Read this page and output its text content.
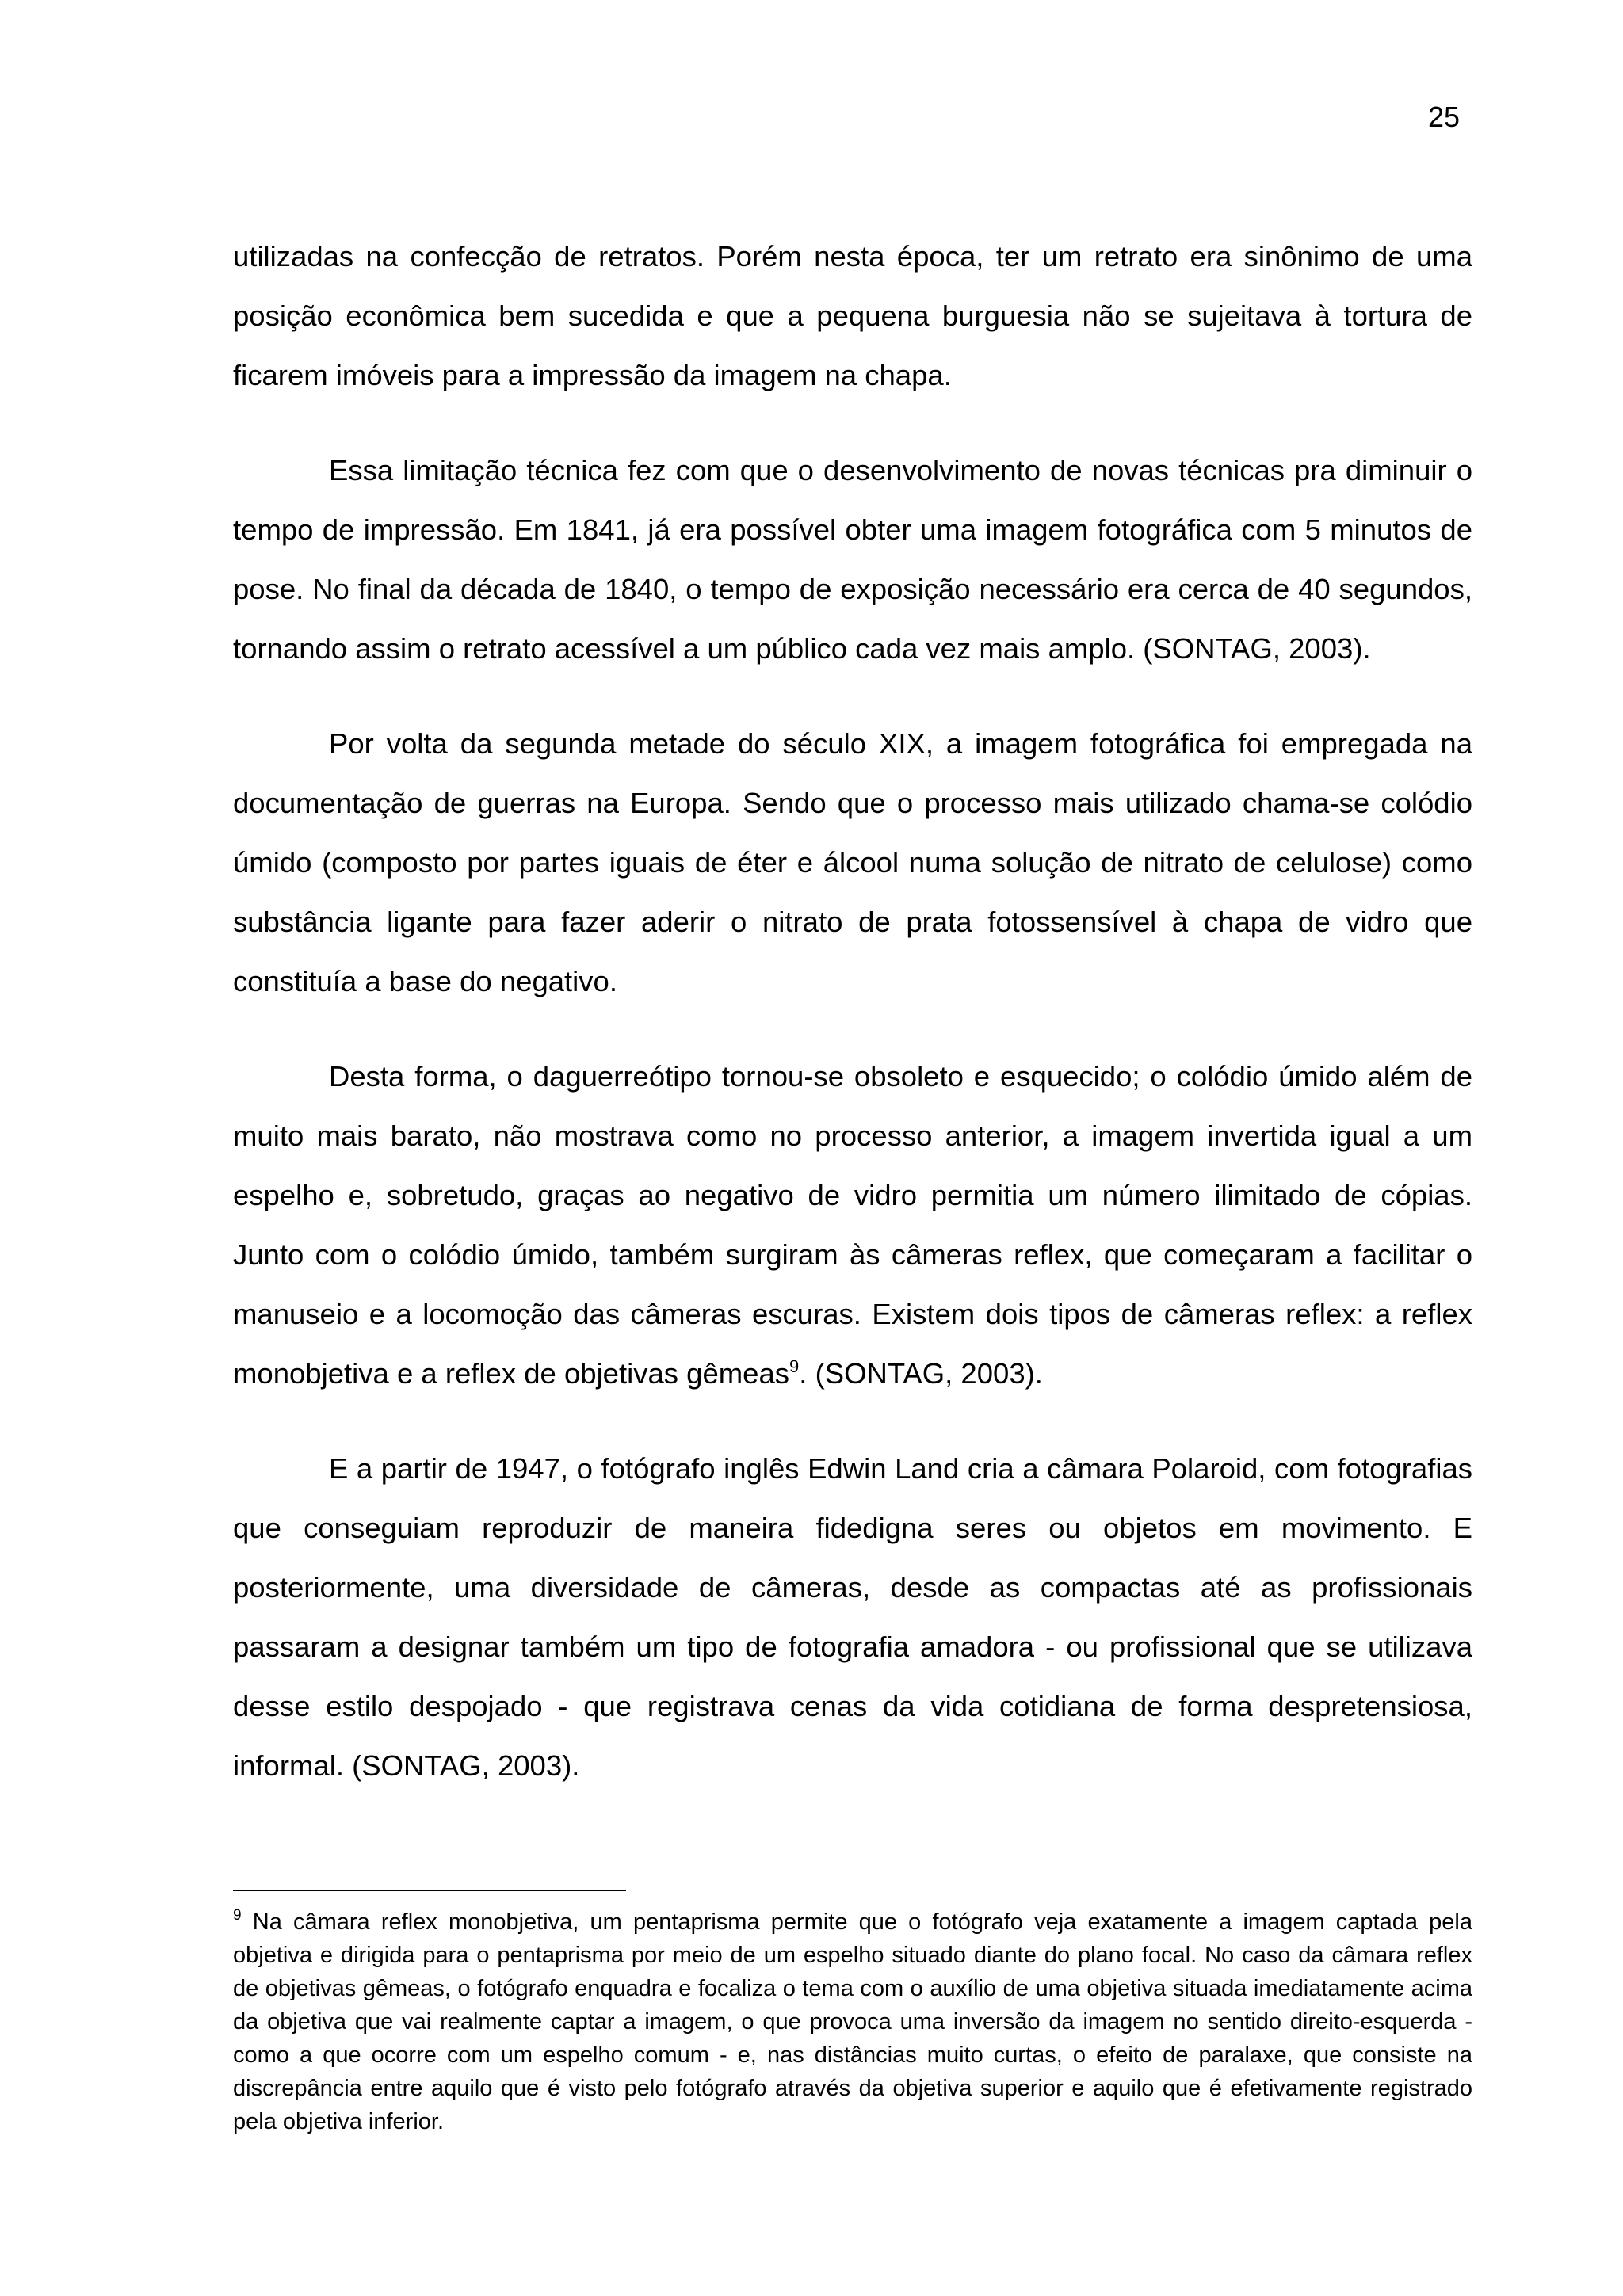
25

utilizadas na confecção de retratos. Porém nesta época, ter um retrato era sinônimo de uma posição econômica bem sucedida e que a pequena burguesia não se sujeitava à tortura de ficarem imóveis para a impressão da imagem na chapa.

Essa limitação técnica fez com que o desenvolvimento de novas técnicas pra diminuir o tempo de impressão. Em 1841, já era possível obter uma imagem fotográfica com 5 minutos de pose. No final da década de 1840, o tempo de exposição necessário era cerca de 40 segundos, tornando assim o retrato acessível a um público cada vez mais amplo. (SONTAG, 2003).

Por volta da segunda metade do século XIX, a imagem fotográfica foi empregada na documentação de guerras na Europa. Sendo que o processo mais utilizado chama-se colódio úmido (composto por partes iguais de éter e álcool numa solução de nitrato de celulose) como substância ligante para fazer aderir o nitrato de prata fotossensível à chapa de vidro que constituía a base do negativo.

Desta forma, o daguerreótipo tornou-se obsoleto e esquecido; o colódio úmido além de muito mais barato, não mostrava como no processo anterior, a imagem invertida igual a um espelho e, sobretudo, graças ao negativo de vidro permitia um número ilimitado de cópias. Junto com o colódio úmido, também surgiram às câmeras reflex, que começaram a facilitar o manuseio e a locomoção das câmeras escuras. Existem dois tipos de câmeras reflex: a reflex monobjetiva e a reflex de objetivas gêmeas$^9$. (SONTAG, 2003).

E a partir de 1947, o fotógrafo inglês Edwin Land cria a câmara Polaroid, com fotografias que conseguiam reproduzir de maneira fidedigna seres ou objetos em movimento. E posteriormente, uma diversidade de câmeras, desde as compactas até as profissionais passaram a designar também um tipo de fotografia amadora - ou profissional que se utilizava desse estilo despojado - que registrava cenas da vida cotidiana de forma despretensiosa, informal. (SONTAG, 2003).

$^9$ Na câmara reflex monobjetiva, um pentaprisma permite que o fotógrafo veja exatamente a imagem captada pela objetiva e dirigida para o pentaprisma por meio de um espelho situado diante do plano focal. No caso da câmara reflex de objetivas gêmeas, o fotógrafo enquadra e focaliza o tema com o auxílio de uma objetiva situada imediatamente acima da objetiva que vai realmente captar a imagem, o que provoca uma inversão da imagem no sentido direito-esquerda - como a que ocorre com um espelho comum - e, nas distâncias muito curtas, o efeito de paralaxe, que consiste na discrepância entre aquilo que é visto pelo fotógrafo através da objetiva superior e aquilo que é efetivamente registrado pela objetiva inferior.
